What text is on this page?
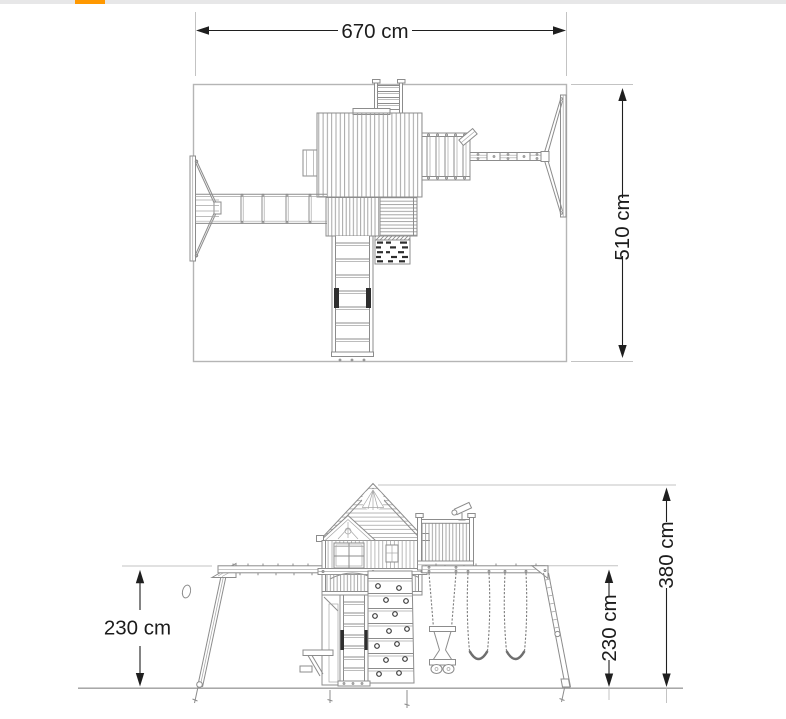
670 cm
510 cm
380 cm
230 cm
230 cm
